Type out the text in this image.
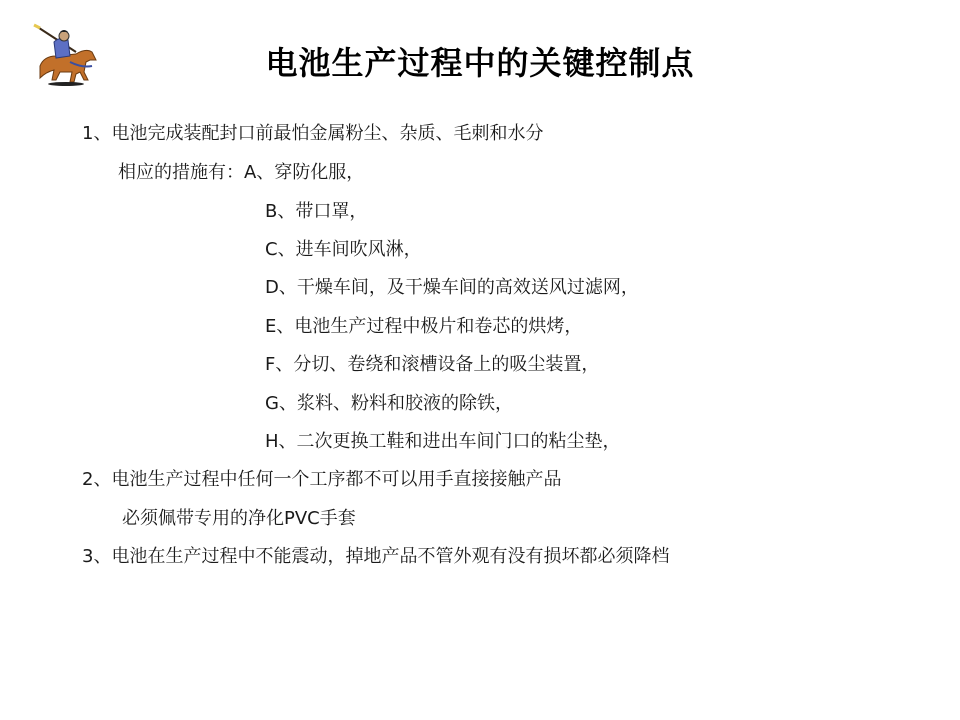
电池生产过程中的关键控制点
1、电池完成装配封口前最怕金属粉尘、杂质、毛刺和水分
相应的措施有：A、穿防化服，
B、带口罩，
C、进车间吹风淋，
D、干燥车间，及干燥车间的高效送风过滤网，
E、电池生产过程中极片和卷芯的烘烤，
F、分切、卷绕和滚槽设备上的吸尘装置，
G、浆料、粉料和胶液的除铁，
H、二次更换工鞋和进出车间门口的粘尘垫，
2、电池生产过程中任何一个工序都不可以用手直接接触产品
必须佩带专用的净化PVC手套
3、电池在生产过程中不能震动，掉地产品不管外观有没有损坏都必须降档
